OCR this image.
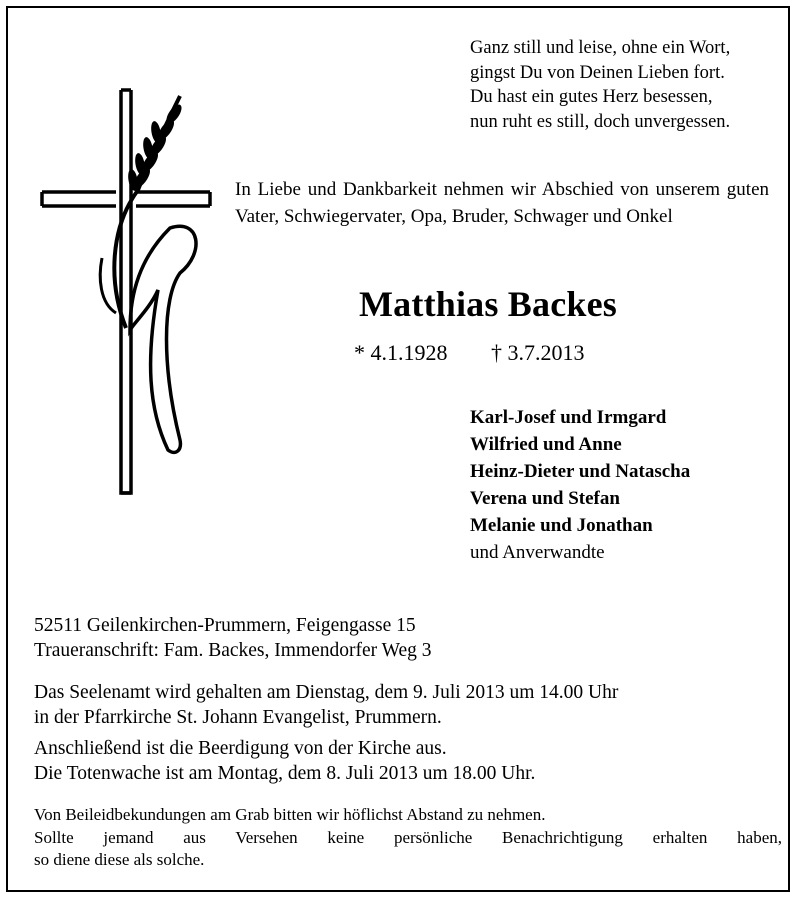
Ganz still und leise, ohne ein Wort,
gingst Du von Deinen Lieben fort.
Du hast ein gutes Herz besessen,
nun ruht es still, doch unvergessen.
In Liebe und Dankbarkeit nehmen wir Abschied von unserem guten Vater, Schwiegervater, Opa, Bruder, Schwager und Onkel
Matthias Backes
* 4.1.1928 † 3.7.2013
Karl-Josef und Irmgard
Wilfried und Anne
Heinz-Dieter und Natascha
Verena und Stefan
Melanie und Jonathan
und Anverwandte
52511 Geilenkirchen-Prummern, Feigengasse 15
Traueranschrift: Fam. Backes, Immendorfer Weg 3
Das Seelenamt wird gehalten am Dienstag, dem 9. Juli 2013 um 14.00 Uhr
in der Pfarrkirche St. Johann Evangelist, Prummern.
Anschließend ist die Beerdigung von der Kirche aus.
Die Totenwache ist am Montag, dem 8. Juli 2013 um 18.00 Uhr.
Von Beileidbekundungen am Grab bitten wir höflichst Abstand zu nehmen.
Sollte jemand aus Versehen keine persönliche Benachrichtigung erhalten haben,
so diene diese als solche.
